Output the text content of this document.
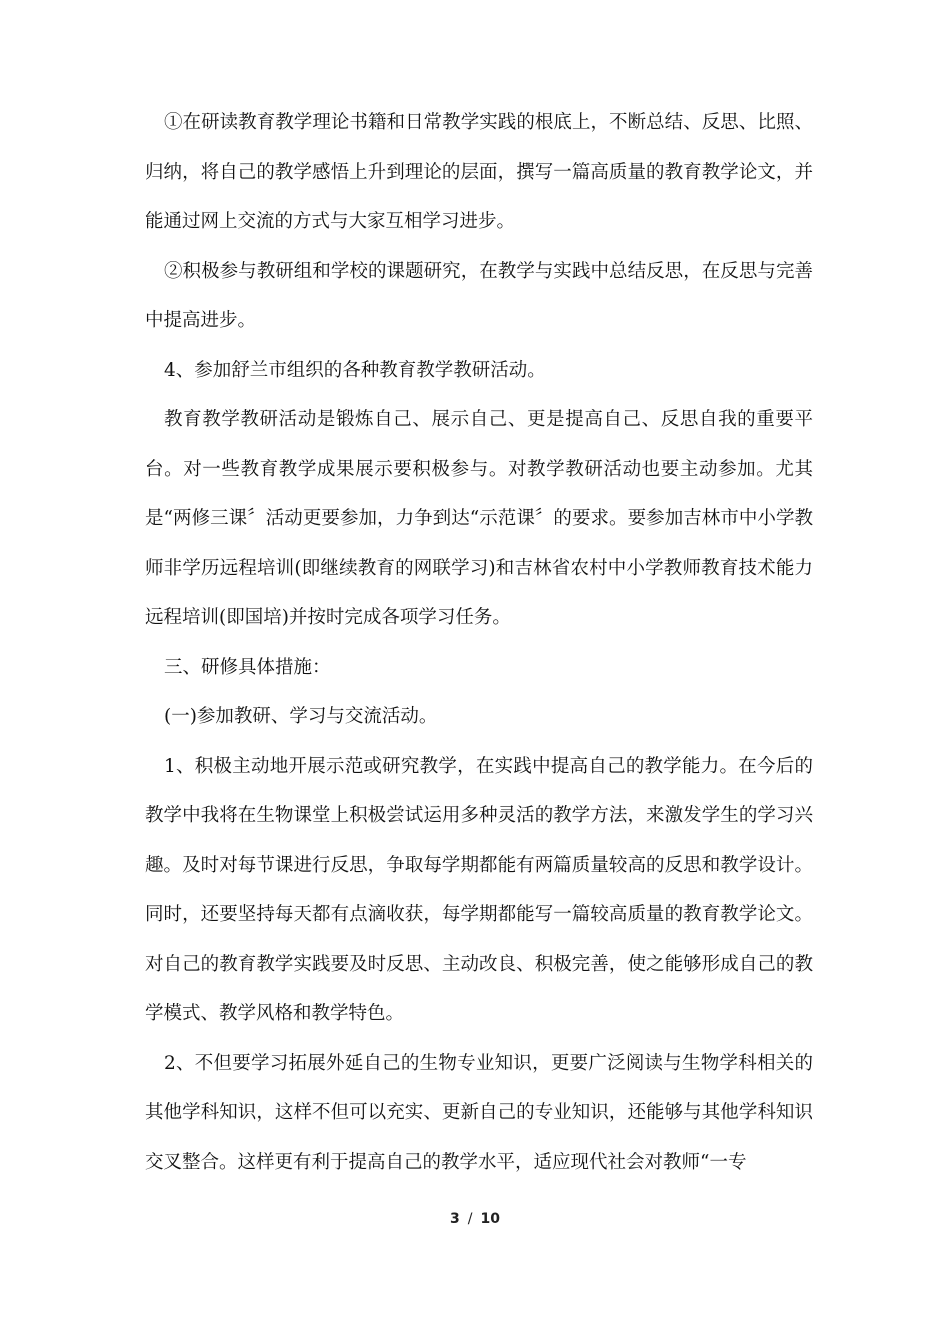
①在研读教育教学理论书籍和日常教学实践的根底上，不断总结、反思、比照、归纳，将自己的教学感悟上升到理论的层面，撰写一篇高质量的教育教学论文，并能通过网上交流的方式与大家互相学习进步。

②积极参与教研组和学校的课题研究，在教学与实践中总结反思，在反思与完善中提高进步。

4、参加舒兰市组织的各种教育教学教研活动。

教育教学教研活动是锻炼自己、展示自己、更是提高自己、反思自我的重要平台。对一些教育教学成果展示要积极参与。对教学教研活动也要主动参加。尤其是“两修三课〞活动更要参加，力争到达“示范课〞的要求。要参加吉林市中小学教师非学历远程培训(即继续教育的网联学习)和吉林省农村中小学教师教育技术能力远程培训(即国培)并按时完成各项学习任务。

三、研修具体措施：

(一)参加教研、学习与交流活动。

1、积极主动地开展示范或研究教学，在实践中提高自己的教学能力。在今后的教学中我将在生物课堂上积极尝试运用多种灵活的教学方法，来激发学生的学习兴趣。及时对每节课进行反思，争取每学期都能有两篇质量较高的反思和教学设计。同时，还要坚持每天都有点滴收获，每学期都能写一篇较高质量的教育教学论文。对自己的教育教学实践要及时反思、主动改良、积极完善，使之能够形成自己的教学模式、教学风格和教学特色。

2、不但要学习拓展外延自己的生物专业知识，更要广泛阅读与生物学科相关的其他学科知识，这样不但可以充实、更新自己的专业知识，还能够与其他学科知识交叉整合。这样更有利于提高自己的教学水平，适应现代社会对教师“一专

3 / 10
